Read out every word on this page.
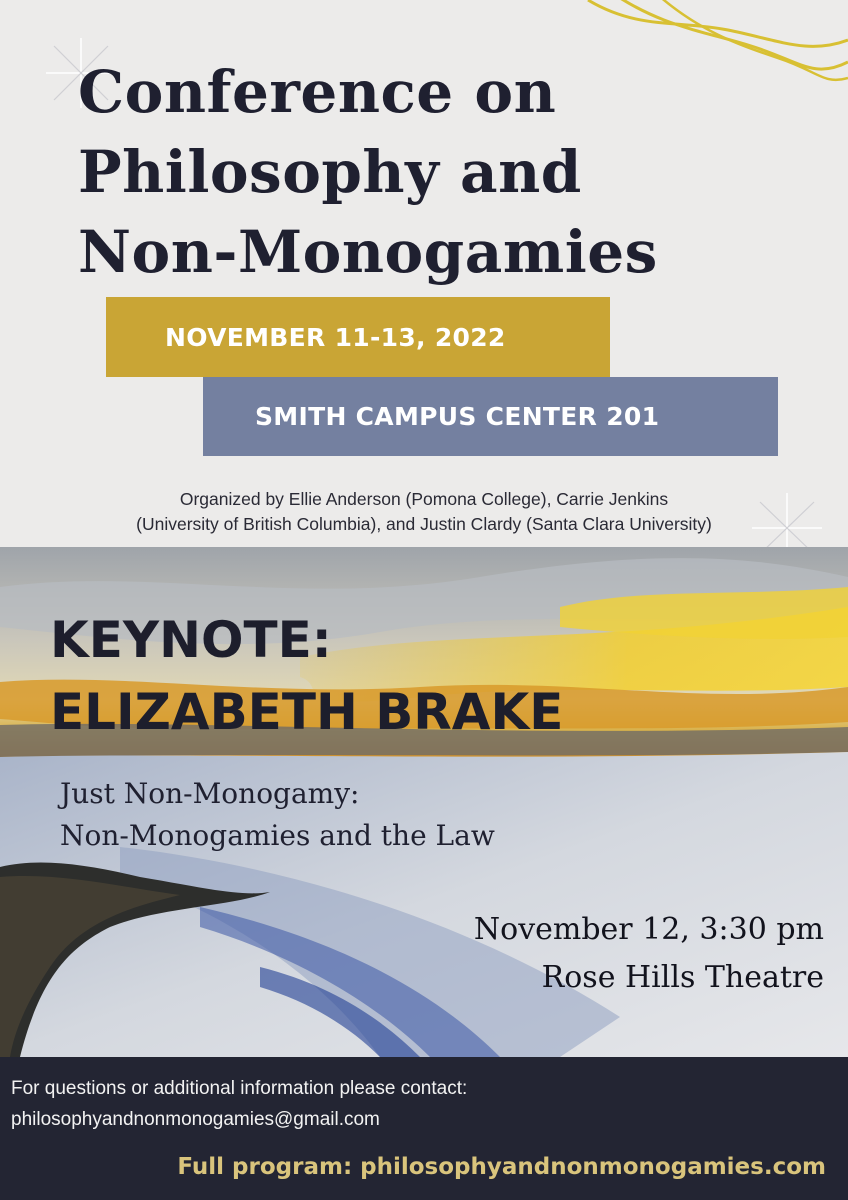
Conference on
Philosophy and
Non-Monogamies
NOVEMBER 11-13, 2022
SMITH CAMPUS CENTER 201
Organized by Ellie Anderson (Pomona College), Carrie Jenkins
(University of British Columbia), and Justin Clardy (Santa Clara University)
KEYNOTE:
ELIZABETH BRAKE
Just Non-Monogamy:
Non-Monogamies and the Law
November 12, 3:30 pm
Rose Hills Theatre
For questions or additional information please contact:
philosophyandnonmonogamies@gmail.com
Full program: philosophyandnonmonogamies.com
